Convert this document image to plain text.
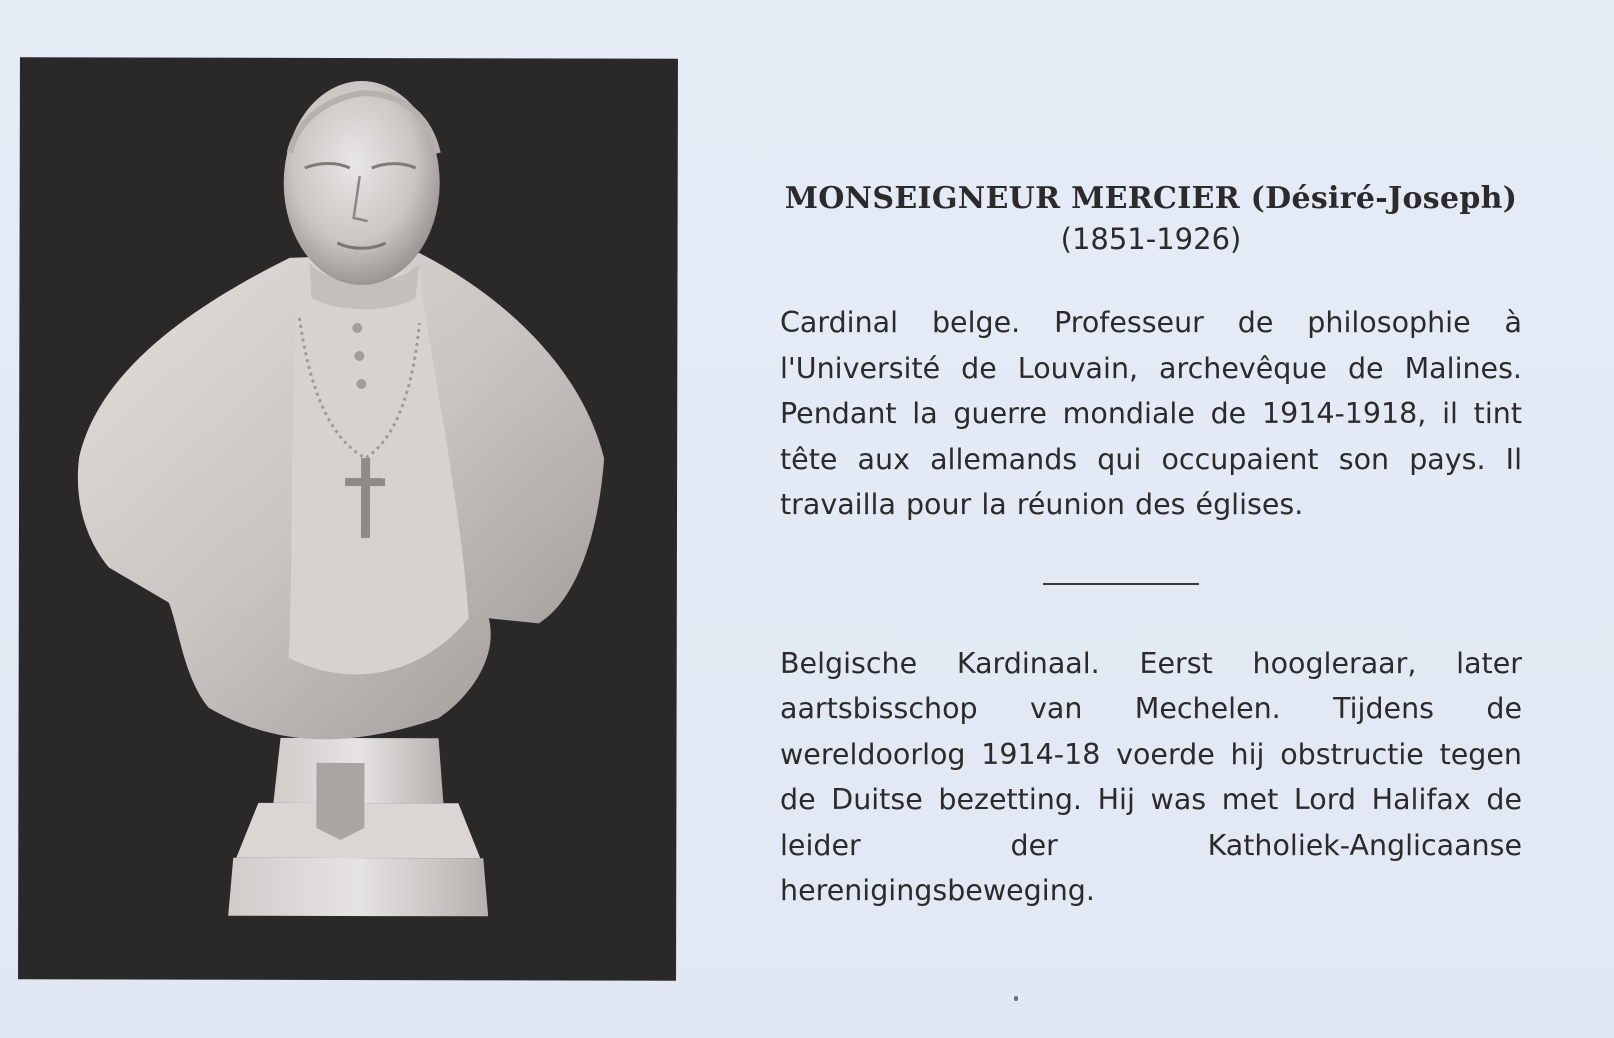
MONSEIGNEUR MERCIER (Désiré-Joseph)

(1851-1926)

Cardinal belge. Professeur de philosophie à l'Université de Louvain, archevêque de Malines. Pendant la guerre mondiale de 1914-1918, il tint tête aux allemands qui occupaient son pays. Il travailla pour la réunion des églises.

Belgische Kardinaal. Eerst hoogleraar, later aartsbisschop van Mechelen. Tijdens de wereldoorlog 1914-18 voerde hij obstructie tegen de Duitse bezetting. Hij was met Lord Halifax de leider der Katholiek-Anglicaanse herenigingsbeweging.
